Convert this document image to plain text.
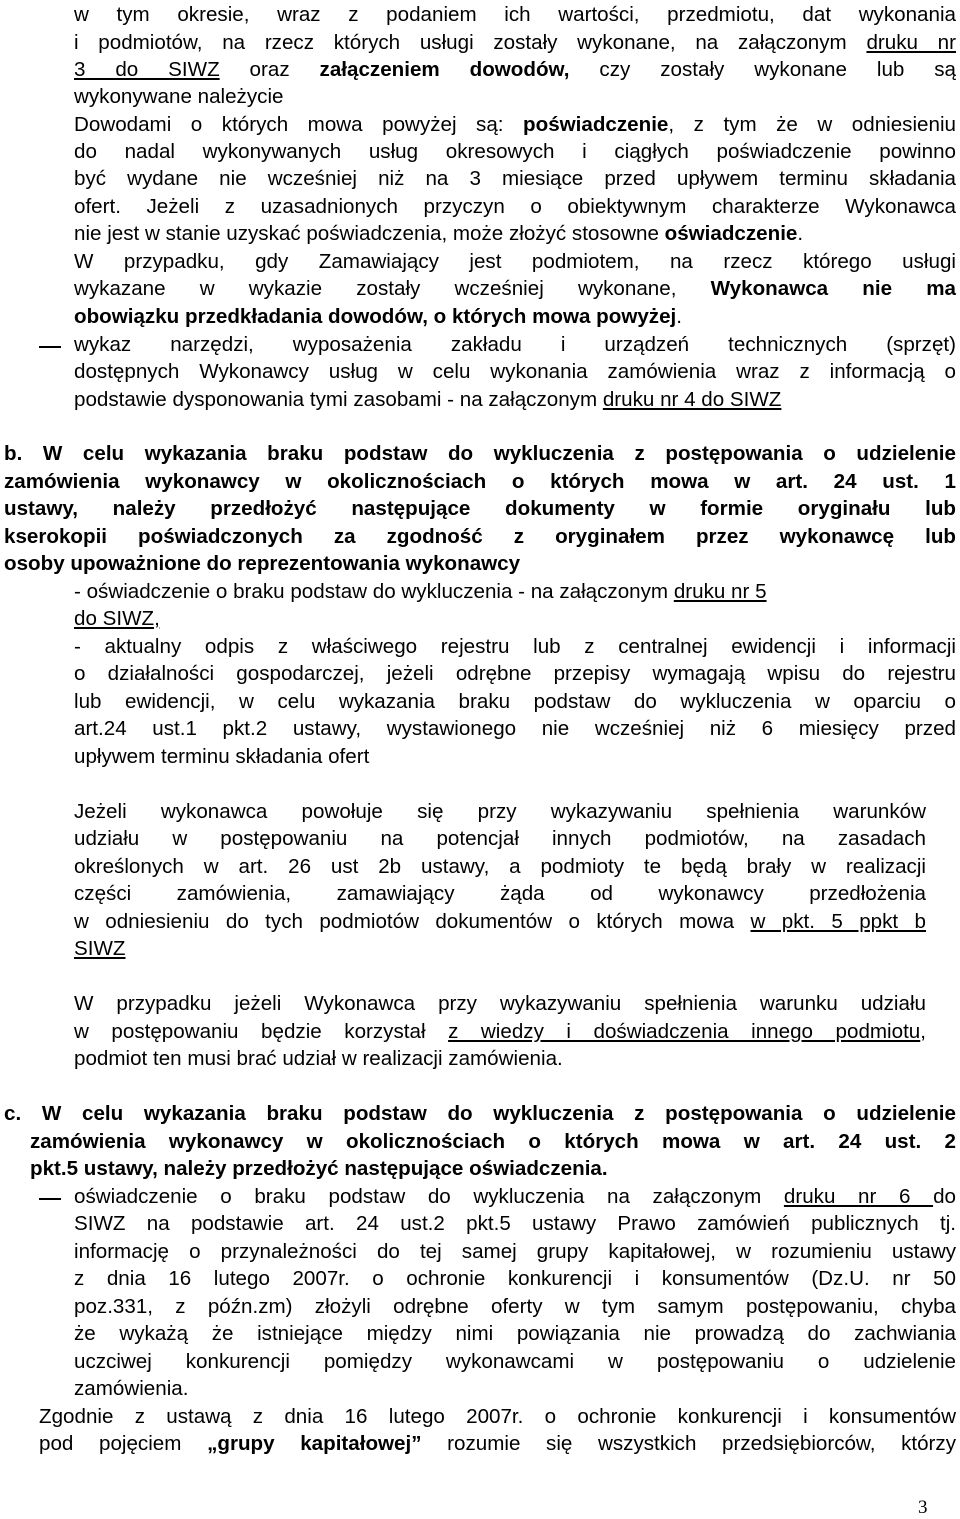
w tym okresie, wraz z podaniem ich wartości, przedmiotu, dat wykonania
i podmiotów, na rzecz których usługi zostały wykonane, na załączonym druku nr
3 do SIWZ oraz załączeniem dowodów, czy zostały wykonane lub są
wykonywane należycie
Dowodami o których mowa powyżej są: poświadczenie, z tym że w odniesieniu
do nadal wykonywanych usług okresowych i ciągłych poświadczenie powinno
być wydane nie wcześniej niż na 3 miesiące przed upływem terminu składania
ofert. Jeżeli z uzasadnionych przyczyn o obiektywnym charakterze Wykonawca
nie jest w stanie uzyskać poświadczenia, może złożyć stosowne oświadczenie.
W przypadku, gdy Zamawiający jest podmiotem, na rzecz którego usługi
wykazane w wykazie zostały wcześniej wykonane, Wykonawca nie ma
obowiązku przedkładania dowodów, o których mowa powyżej.
wykaz narzędzi, wyposażenia zakładu i urządzeń technicznych (sprzęt)
dostępnych Wykonawcy usług w celu wykonania zamówienia wraz z informacją o
podstawie dysponowania tymi zasobami - na załączonym druku nr 4 do SIWZ
b. W celu wykazania braku podstaw do wykluczenia z postępowania o udzielenie
zamówienia wykonawcy w okolicznościach o których mowa w art. 24 ust. 1
ustawy, należy przedłożyć następujące dokumenty w formie oryginału lub
kserokopii poświadczonych za zgodność z oryginałem przez wykonawcę lub
osoby upoważnione do reprezentowania wykonawcy
- oświadczenie o braku podstaw do wykluczenia - na załączonym druku nr 5
do SIWZ,
- aktualny odpis z właściwego rejestru lub z centralnej ewidencji i informacji
o działalności gospodarczej, jeżeli odrębne przepisy wymagają wpisu do rejestru
lub ewidencji, w celu wykazania braku podstaw do wykluczenia w oparciu o
art.24 ust.1 pkt.2 ustawy, wystawionego nie wcześniej niż 6 miesięcy przed
upływem terminu składania ofert
Jeżeli wykonawca powołuje się przy wykazywaniu spełnienia warunków
udziału w postępowaniu na potencjał innych podmiotów, na zasadach
określonych w art. 26 ust 2b ustawy, a podmioty te będą brały w realizacji
części zamówienia, zamawiający żąda od wykonawcy przedłożenia
w odniesieniu do tych podmiotów dokumentów o których mowa w pkt. 5 ppkt b
SIWZ
W przypadku jeżeli Wykonawca przy wykazywaniu spełnienia warunku udziału
w postępowaniu będzie korzystał z wiedzy i doświadczenia innego podmiotu,
podmiot ten musi brać udział w realizacji zamówienia.
c. W celu wykazania braku podstaw do wykluczenia z postępowania o udzielenie
zamówienia wykonawcy w okolicznościach o których mowa w art. 24 ust. 2
pkt.5 ustawy, należy przedłożyć następujące oświadczenia.
oświadczenie o braku podstaw do wykluczenia na załączonym druku nr 6 do
SIWZ na podstawie art. 24 ust.2 pkt.5 ustawy Prawo zamówień publicznych tj.
informację o przynależności do tej samej grupy kapitałowej, w rozumieniu ustawy
z dnia 16 lutego 2007r. o ochronie konkurencji i konsumentów (Dz.U. nr 50
poz.331, z późn.zm) złożyli odrębne oferty w tym samym postępowaniu, chyba
że wykażą że istniejące między nimi powiązania nie prowadzą do zachwiania
uczciwej konkurencji pomiędzy wykonawcami w postępowaniu o udzielenie
zamówienia.
Zgodnie z ustawą z dnia 16 lutego 2007r. o ochronie konkurencji i konsumentów
pod pojęciem „grupy kapitałowej” rozumie się wszystkich przedsiębiorców, którzy
3
